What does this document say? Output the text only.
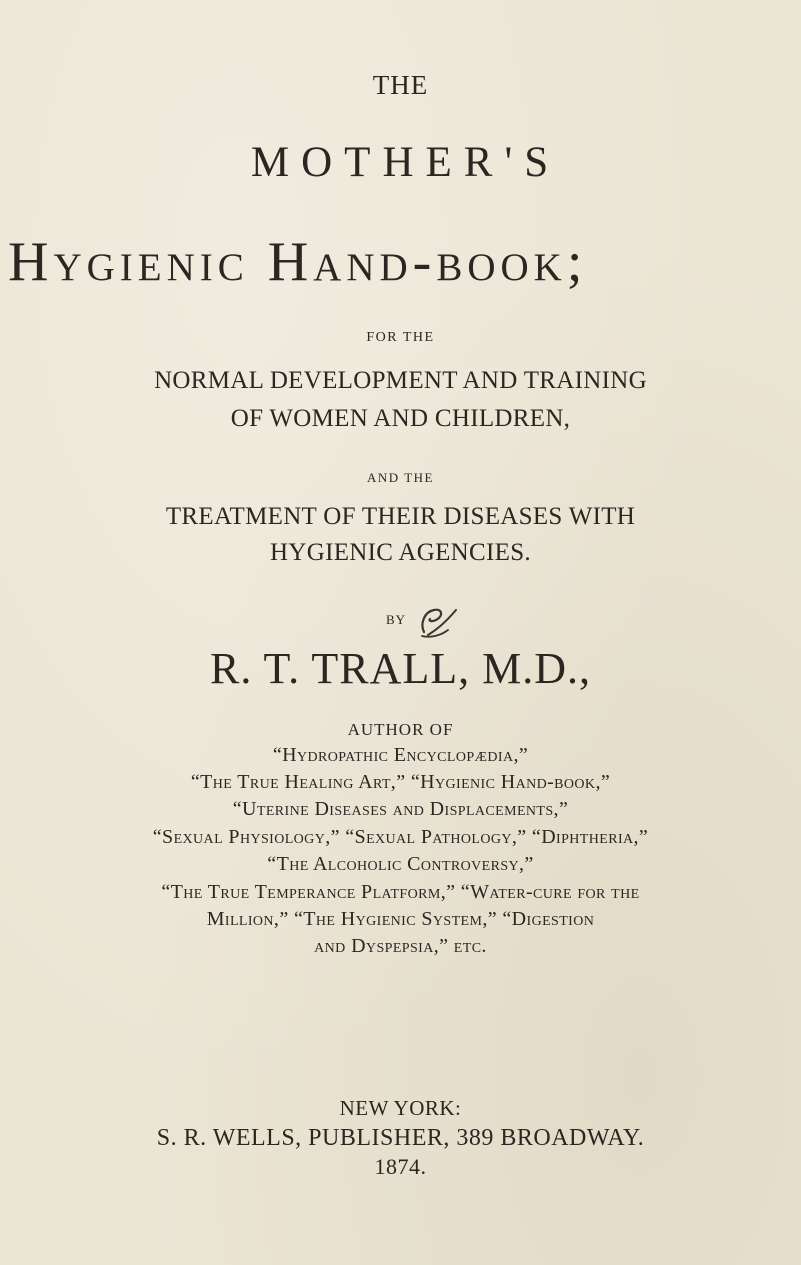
THE

MOTHER'S

Hygienic Hand-book;

FOR THE

NORMAL DEVELOPMENT AND TRAINING

OF WOMEN AND CHILDREN,

AND THE

TREATMENT OF THEIR DISEASES WITH

HYGIENIC AGENCIES.

BY

R. T. TRALL, M.D.,

AUTHOR OF

“Hydropathic Encyclopædia,”

“The True Healing Art,” “Hygienic Hand-book,”

“Uterine Diseases and Displacements,”

“Sexual Physiology,” “Sexual Pathology,” “Diphtheria,”

“The Alcoholic Controversy,”

“The True Temperance Platform,” “Water-cure for the

Million,” “The Hygienic System,” “Digestion

and Dyspepsia,” etc.

NEW YORK:

S. R. WELLS, PUBLISHER, 389 BROADWAY.

1874.
